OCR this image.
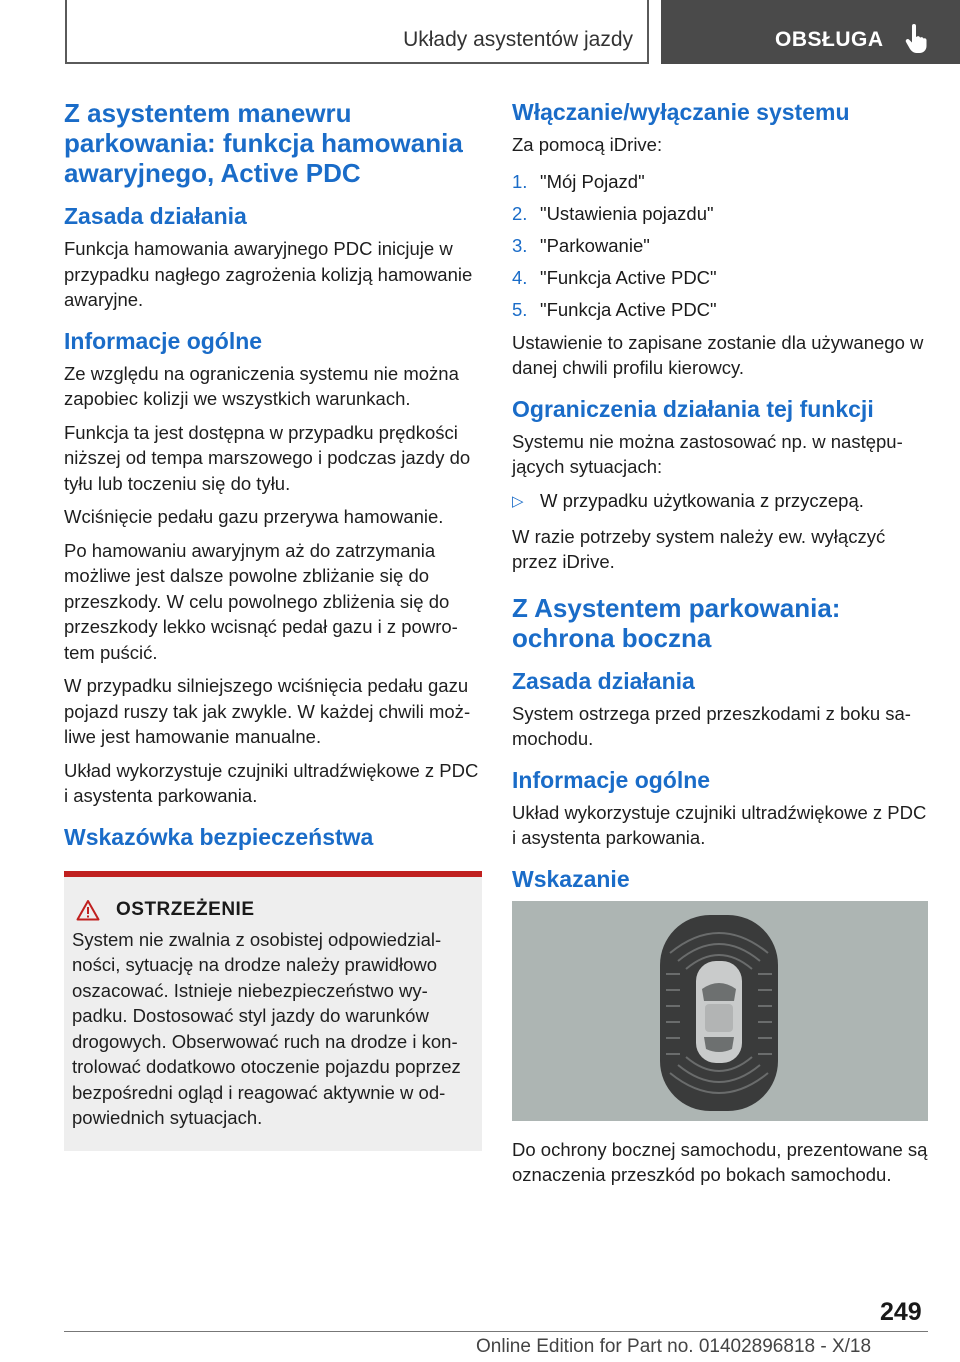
Układy asystentów jazdy	OBSŁUGA
Z asystentem manewru parkowania: funkcja hamowania awaryjnego, Active PDC
Zasada działania

Funkcja hamowania awaryjnego PDC inicjuje w przypadku nagłego zagrożenia kolizją hamowanie awaryjne.

Informacje ogólne

Ze względu na ograniczenia systemu nie można zapobiec kolizji we wszystkich warunkach.

Funkcja ta jest dostępna w przypadku prędkości niższej od tempa marszowego i podczas jazdy do tyłu lub toczeniu się do tyłu.

Wciśnięcie pedału gazu przerywa hamowanie.

Po hamowaniu awaryjnym aż do zatrzymania możliwe jest dalsze powolne zbliżanie się do przeszkody. W celu powolnego zbliżenia się do przeszkody lekko wcisnąć pedał gazu i z powrotem puścić.

W przypadku silniejszego wciśnięcia pedału gazu pojazd ruszy tak jak zwykle. W każdej chwili możliwe jest hamowanie manualne.

Układ wykorzystuje czujniki ultradźwiękowe z PDC i asystenta parkowania.

Wskazówka bezpieczeństwa
OSTRZEŻENIE

System nie zwalnia z osobistej odpowiedzialności, sytuację na drodze należy prawidłowo oszacować. Istnieje niebezpieczeństwo wypadku. Dostosować styl jazdy do warunków drogowych. Obserwować ruch na drodze i kontrolować dodatkowo otoczenie pojazdu poprzez bezpośredni ogląd i reagować aktywnie w odpowiednich sytuacjach.

Włączanie/wyłączanie systemu

Za pomocą iDrive:

1. "Mój Pojazd"
2. "Ustawienia pojazdu"
3. "Parkowanie"
4. "Funkcja Active PDC"
5. "Funkcja Active PDC"

Ustawienie to zapisane zostanie dla używanego w danej chwili profilu kierowcy.

Ograniczenia działania tej funkcji

Systemu nie można zastosować np. w następujących sytuacjach:

▷ W przypadku użytkowania z przyczepą.

W razie potrzeby system należy ew. wyłączyć przez iDrive.

Z Asystentem parkowania: ochrona boczna
Zasada działania

System ostrzega przed przeszkodami z boku samochodu.

Informacje ogólne

Układ wykorzystuje czujniki ultradźwiękowe z PDC i asystenta parkowania.

Wskazanie

Do ochrony bocznej samochodu, prezentowane są oznaczenia przeszkód po bokach samochodu.

249
Online Edition for Part no. 01402896818 - X/18
